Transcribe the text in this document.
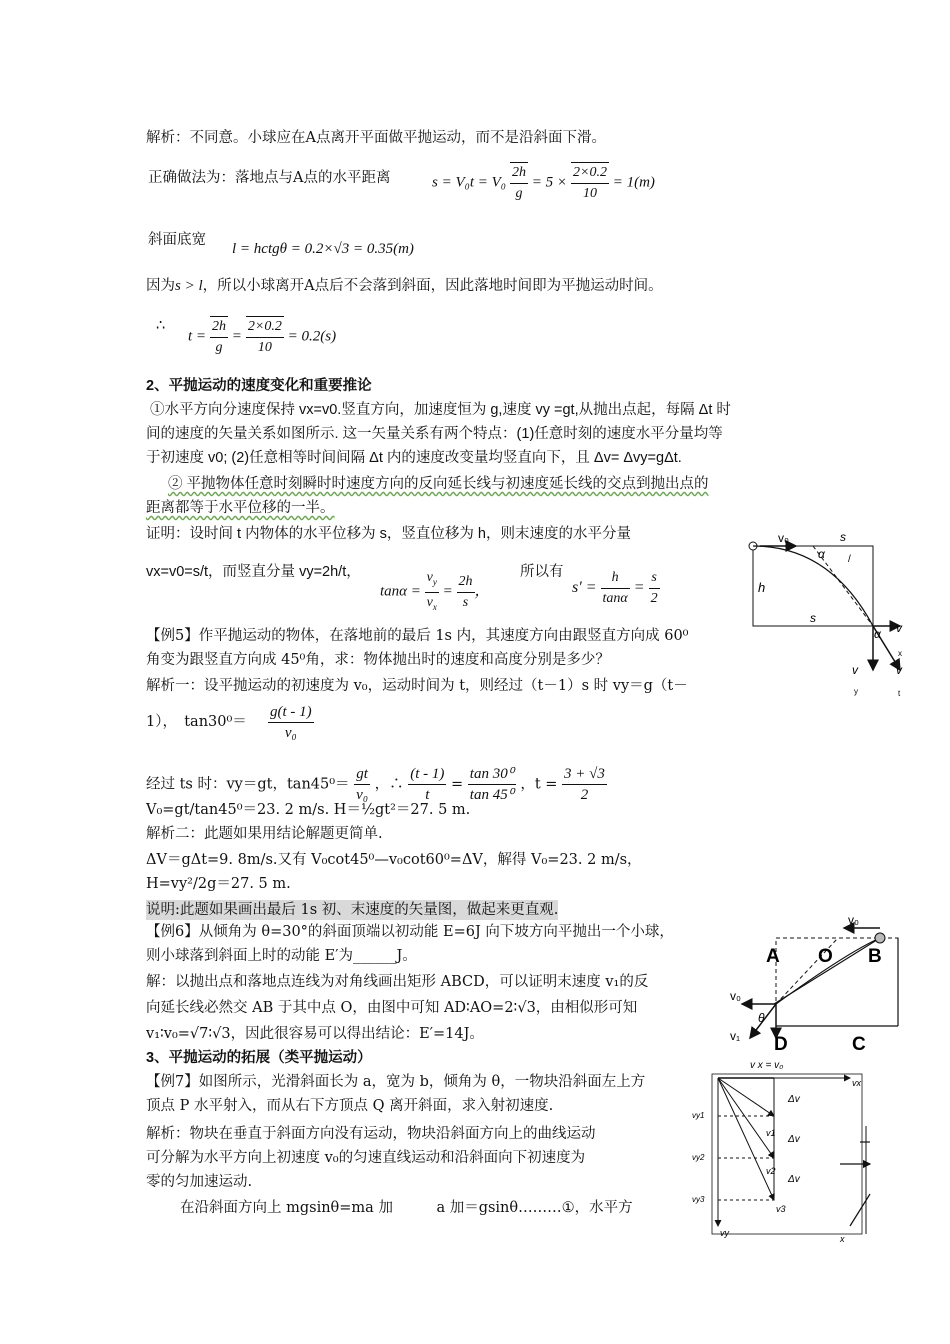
解析：不同意。小球应在A点离开平面做平抛运动，而不是沿斜面下滑。
正确做法为：落地点与A点的水平距离	$s = V_0t = V_0 \frac{2h}{g} = 5 \times \frac{2\times 0.2}{10} = 1(m)$
斜面底宽
l = hctgθ = 0.2×√3 = 0.35(m)
因为s > l，所以小球离开A点后不会落到斜面，因此落地时间即为平抛运动时间。
∴
$t = \frac{2h}{g} = \frac{2\times 0.2}{10} = 0.2(s)$
2、平抛运动的速度变化和重要推论
①水平方向分速度保持 vx=v0.竖直方向，加速度恒为 g,速度 vy =gt,从抛出点起，每隔 Δt 时
间的速度的矢量关系如图所示. 这一矢量关系有两个特点：(1)任意时刻的速度水平分量均等
于初速度 v0; (2)任意相等时间间隔 Δt 内的速度改变量均竖直向下，且 Δv= Δvy=gΔt.
② 平抛物体任意时刻瞬时时速度方向的反向延长线与初速度延长线的交点到抛出点的
距离都等于水平位移的一半。
证明：设时间 t 内物体的水平位移为 s，竖直位移为 h，则末速度的水平分量
vx=v0=s/t，而竖直分量 vy=2h/t，
$\tan\alpha = \frac{v_y}{v_x} = \frac{2h}{s}$ ，
所以有
$s' = \frac{h}{\tan\alpha} = \frac{s}{2}$
【例5】作平抛运动的物体，在落地前的最后 1s 内，其速度方向由跟竖直方向成 60⁰
角变为跟竖直方向成 45⁰角，求：物体抛出时的速度和高度分别是多少？
解析一：设平抛运动的初速度为 v₀，运动时间为 t，则经过（t－1）s 时 vy＝g（t－
1），　$\tan 30^0= \frac{g(t - 1)}{\text{v₀}}$
经过 ts 时：vy＝gt，$\tan 45^0= \frac{gt}{\text{v₀}}$ ，∴ $\frac{(t - 1)}{t} = \frac{\text{tan 30⁰}}{\text{tan 45⁰}}$ ，$t = \frac{3 + √3}{2}$
V₀=gt/tan45⁰＝23. 2 m/s. H＝½gt²＝27. 5 m.
解析二：此题如果用结论解题更简单.
ΔV＝gΔt=9. 8m/s.又有 V₀cot45⁰—v₀cot60⁰=ΔV，解得 V₀=23. 2 m/s，
H=vy²/2g＝27. 5 m.
说明:此题如果画出最后 1s 初、末速度的矢量图，做起来更直观.
【例6】从倾角为 θ=30°的斜面顶端以初动能 E=6J 向下坡方向平抛出一个小球，
则小球落到斜面上时的动能 E′为______J。
解：以抛出点和落地点连线为对角线画出矩形 ABCD，可以证明末速度 v₁的反
向延长线必然交 AB 于其中点 O，由图中可知 AD∶AO=2∶√3，由相似形可知
v₁∶v₀=√7∶√3，因此很容易可以得出结论：E′=14J。
3、平抛运动的拓展（类平抛运动）
【例7】如图所示，光滑斜面长为 a，宽为 b，倾角为 θ，一物块沿斜面左上方
顶点 P 水平射入，而从右下方顶点 Q 离开斜面，求入射初速度.
解析：物块在垂直于斜面方向没有运动，物块沿斜面方向上的曲线运动
可分解为水平方向上初速度 v₀的匀速直线运动和沿斜面向下初速度为
零的匀加速运动.
在沿斜面方向上 mgsinθ=ma 加　　　a 加＝gsinθ………①，水平方
v₀	s
α /
h
s
α v
x
v	v
y	t
v₀
A O B
v₀
θ
v₁ D	C
v x = v₀
vx
Δv
Δv
Δv
vy1
vy2
vy3
v1
v2
v3
vy
x
